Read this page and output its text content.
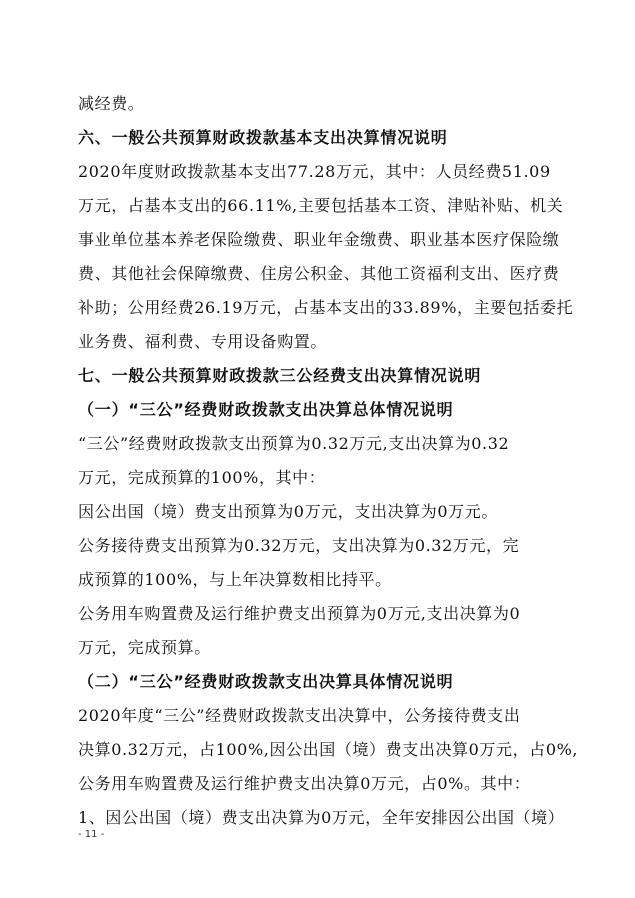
减经费。
六、一般公共预算财政拨款基本支出决算情况说明
2020年度财政拨款基本支出77.28万元，其中：人员经费51.09
万元，占基本支出的66.11%,主要包括基本工资、津贴补贴、机关
事业单位基本养老保险缴费、职业年金缴费、职业基本医疗保险缴
费、其他社会保障缴费、住房公积金、其他工资福利支出、医疗费
补助；公用经费26.19万元，占基本支出的33.89%，主要包括委托
业务费、福利费、专用设备购置。
七、一般公共预算财政拨款三公经费支出决算情况说明
（一）“三公”经费财政拨款支出决算总体情况说明
“三公”经费财政拨款支出预算为0.32万元,支出决算为0.32
万元，完成预算的100%，其中：
因公出国（境）费支出预算为0万元，支出决算为0万元。
公务接待费支出预算为0.32万元，支出决算为0.32万元，完
成预算的100%，与上年决算数相比持平。
公务用车购置费及运行维护费支出预算为0万元,支出决算为0
万元，完成预算。
（二）“三公”经费财政拨款支出决算具体情况说明
2020年度“三公”经费财政拨款支出决算中，公务接待费支出
决算0.32万元，占100%,因公出国（境）费支出决算0万元，占0%,
公务用车购置费及运行维护费支出决算0万元，占0%。其中：
1、因公出国（境）费支出决算为0万元，全年安排因公出国（境）
- 11 -
